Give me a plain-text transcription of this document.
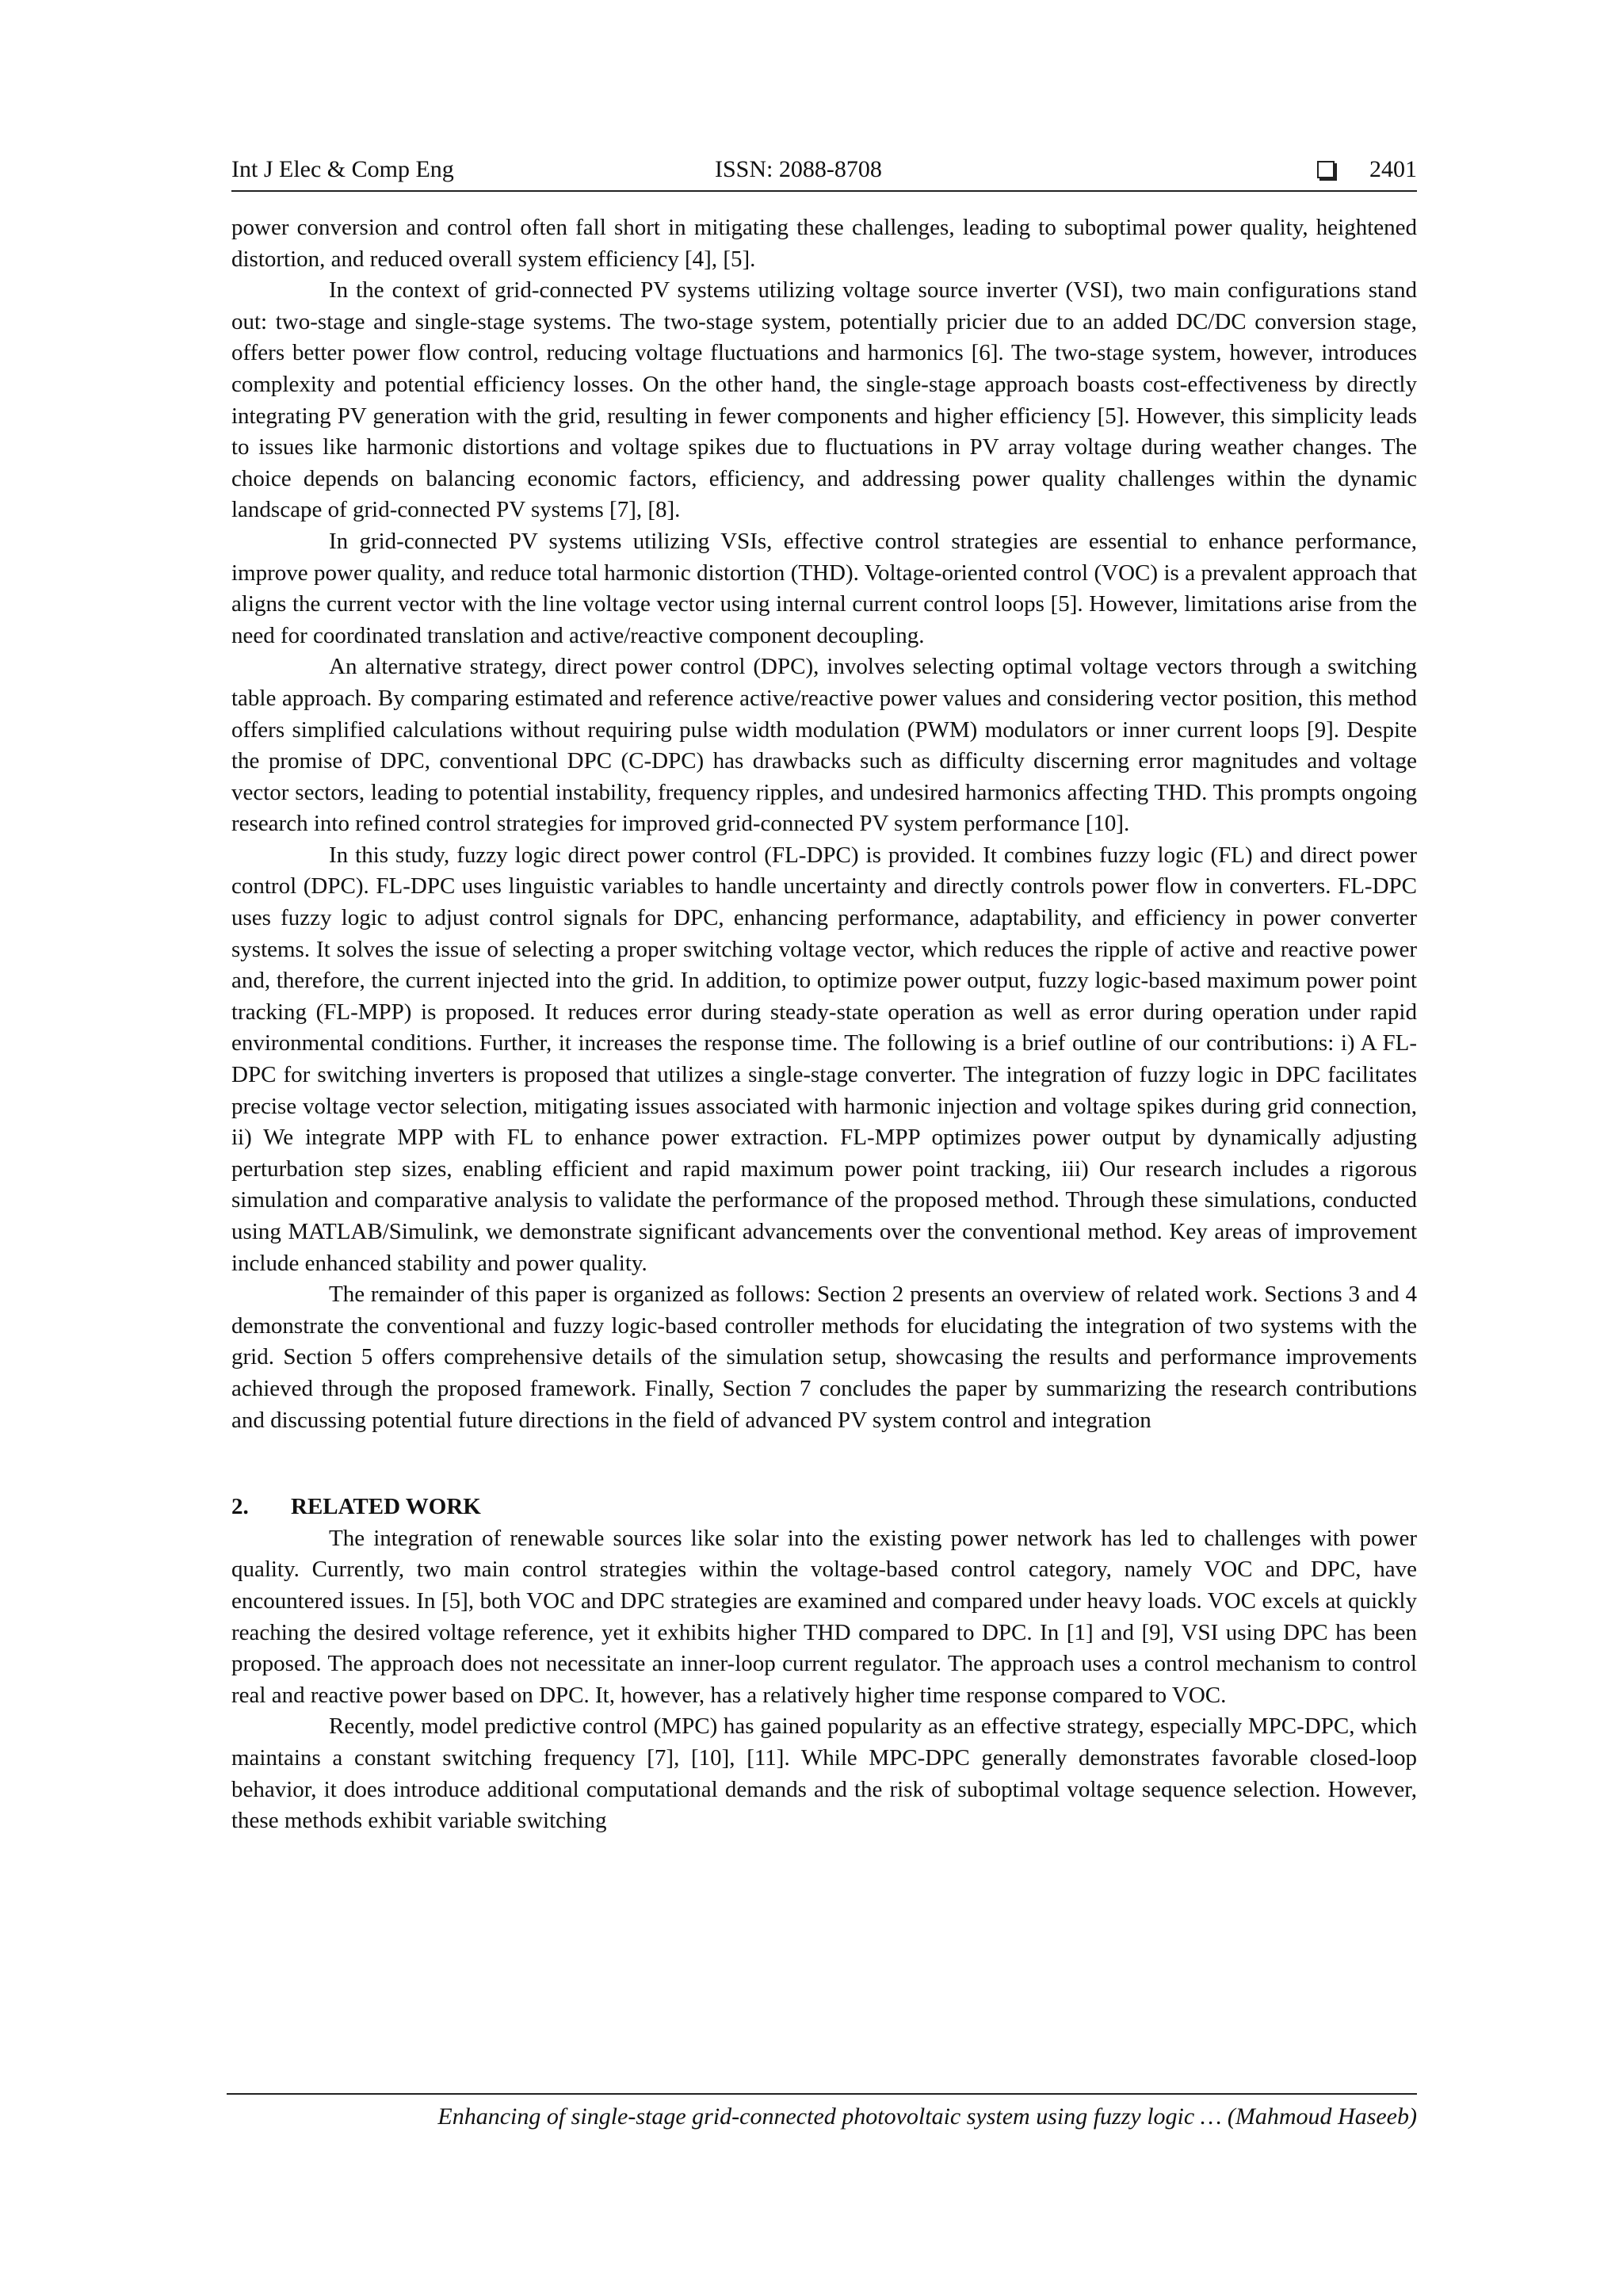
Int J Elec & Comp Eng	ISSN: 2088-8708	2401

power conversion and control often fall short in mitigating these challenges, leading to suboptimal power quality, heightened distortion, and reduced overall system efficiency [4], [5].

In the context of grid-connected PV systems utilizing voltage source inverter (VSI), two main configurations stand out: two-stage and single-stage systems. The two-stage system, potentially pricier due to an added DC/DC conversion stage, offers better power flow control, reducing voltage fluctuations and harmonics [6]. The two-stage system, however, introduces complexity and potential efficiency losses. On the other hand, the single-stage approach boasts cost-effectiveness by directly integrating PV generation with the grid, resulting in fewer components and higher efficiency [5]. However, this simplicity leads to issues like harmonic distortions and voltage spikes due to fluctuations in PV array voltage during weather changes. The choice depends on balancing economic factors, efficiency, and addressing power quality challenges within the dynamic landscape of grid-connected PV systems [7], [8].

In grid-connected PV systems utilizing VSIs, effective control strategies are essential to enhance performance, improve power quality, and reduce total harmonic distortion (THD). Voltage-oriented control (VOC) is a prevalent approach that aligns the current vector with the line voltage vector using internal current control loops [5]. However, limitations arise from the need for coordinated translation and active/reactive component decoupling.

An alternative strategy, direct power control (DPC), involves selecting optimal voltage vectors through a switching table approach. By comparing estimated and reference active/reactive power values and considering vector position, this method offers simplified calculations without requiring pulse width modulation (PWM) modulators or inner current loops [9]. Despite the promise of DPC, conventional DPC (C-DPC) has drawbacks such as difficulty discerning error magnitudes and voltage vector sectors, leading to potential instability, frequency ripples, and undesired harmonics affecting THD. This prompts ongoing research into refined control strategies for improved grid-connected PV system performance [10].

In this study, fuzzy logic direct power control (FL-DPC) is provided. It combines fuzzy logic (FL) and direct power control (DPC). FL-DPC uses linguistic variables to handle uncertainty and directly controls power flow in converters. FL-DPC uses fuzzy logic to adjust control signals for DPC, enhancing performance, adaptability, and efficiency in power converter systems. It solves the issue of selecting a proper switching voltage vector, which reduces the ripple of active and reactive power and, therefore, the current injected into the grid. In addition, to optimize power output, fuzzy logic-based maximum power point tracking (FL-MPP) is proposed. It reduces error during steady-state operation as well as error during operation under rapid environmental conditions. Further, it increases the response time. The following is a brief outline of our contributions: i) A FL-DPC for switching inverters is proposed that utilizes a single-stage converter. The integration of fuzzy logic in DPC facilitates precise voltage vector selection, mitigating issues associated with harmonic injection and voltage spikes during grid connection, ii) We integrate MPP with FL to enhance power extraction. FL-MPP optimizes power output by dynamically adjusting perturbation step sizes, enabling efficient and rapid maximum power point tracking, iii) Our research includes a rigorous simulation and comparative analysis to validate the performance of the proposed method. Through these simulations, conducted using MATLAB/Simulink, we demonstrate significant advancements over the conventional method. Key areas of improvement include enhanced stability and power quality.

The remainder of this paper is organized as follows: Section 2 presents an overview of related work. Sections 3 and 4 demonstrate the conventional and fuzzy logic-based controller methods for elucidating the integration of two systems with the grid. Section 5 offers comprehensive details of the simulation setup, showcasing the results and performance improvements achieved through the proposed framework. Finally, Section 7 concludes the paper by summarizing the research contributions and discussing potential future directions in the field of advanced PV system control and integration

2. RELATED WORK

The integration of renewable sources like solar into the existing power network has led to challenges with power quality. Currently, two main control strategies within the voltage-based control category, namely VOC and DPC, have encountered issues. In [5], both VOC and DPC strategies are examined and compared under heavy loads. VOC excels at quickly reaching the desired voltage reference, yet it exhibits higher THD compared to DPC. In [1] and [9], VSI using DPC has been proposed. The approach does not necessitate an inner-loop current regulator. The approach uses a control mechanism to control real and reactive power based on DPC. It, however, has a relatively higher time response compared to VOC.

Recently, model predictive control (MPC) has gained popularity as an effective strategy, especially MPC-DPC, which maintains a constant switching frequency [7], [10], [11]. While MPC-DPC generally demonstrates favorable closed-loop behavior, it does introduce additional computational demands and the risk of suboptimal voltage sequence selection. However, these methods exhibit variable switching

Enhancing of single-stage grid-connected photovoltaic system using fuzzy logic … (Mahmoud Haseeb)
